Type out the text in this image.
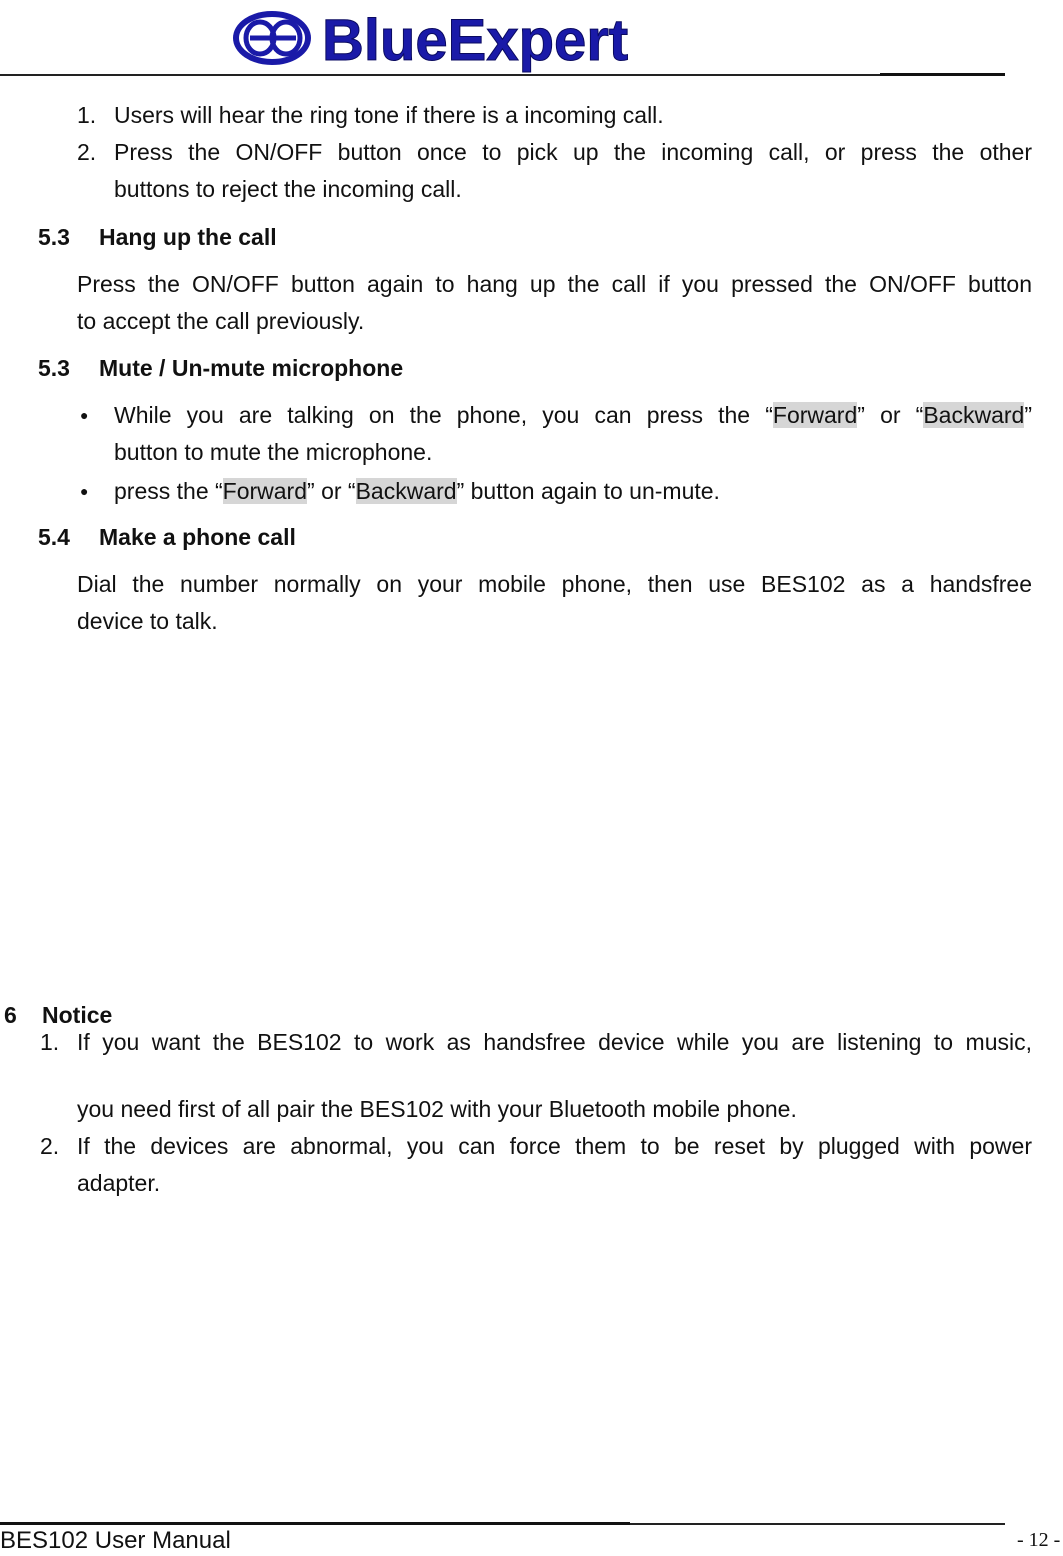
BlueExpert
1. Users will hear the ring tone if there is a incoming call.
2. Press the ON/OFF button once to pick up the incoming call, or press the other
buttons to reject the incoming call.
5.3 Hang up the call
Press the ON/OFF button again to hang up the call if you pressed the ON/OFF button
to accept the call previously.
5.3 Mute / Un-mute microphone
● While you are talking on the phone, you can press the “Forward” or “Backward”
button to mute the microphone.
● press the “Forward” or “Backward” button again to un-mute.
5.4 Make a phone call
Dial the number normally on your mobile phone, then use BES102 as a handsfree
device to talk.
6 Notice
1. If you want the BES102 to work as handsfree device while you are listening to music,
you need first of all pair the BES102 with your Bluetooth mobile phone.
2. If the devices are abnormal, you can force them to be reset by plugged with power
adapter.
BES102 User Manual	- 12 -
